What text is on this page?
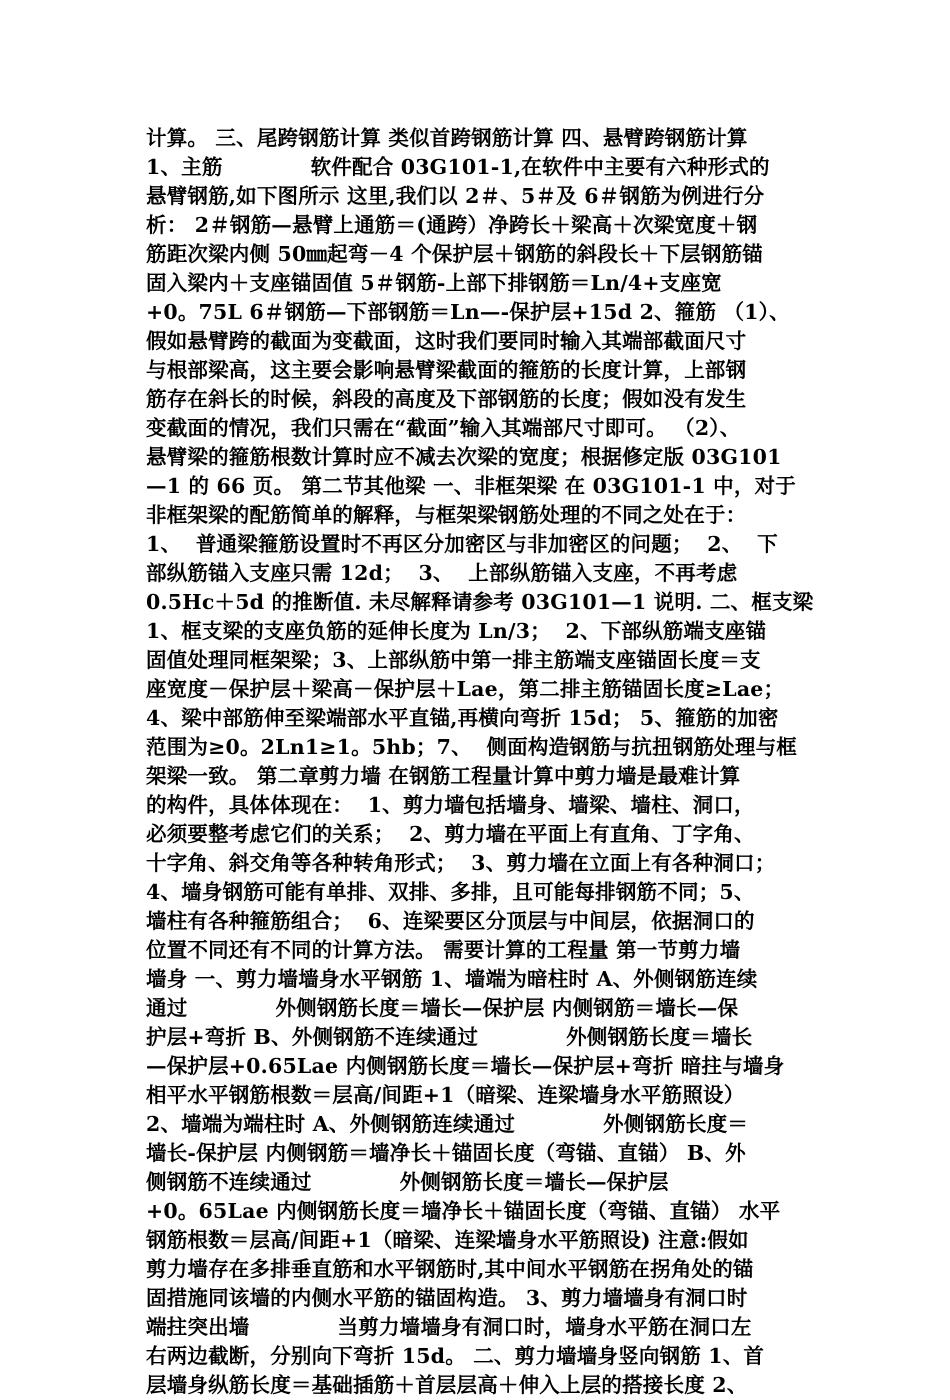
计算。 三、尾跨钢筋计算 类似首跨钢筋计算 四、悬臂跨钢筋计算
1、主筋            软件配合 03G101-1,在软件中主要有六种形式的
悬臂钢筋,如下图所示 这里,我们以 2＃、5＃及 6＃钢筋为例进行分
析： 2＃钢筋—悬臂上通筋＝(通跨）净跨长＋梁高＋次梁宽度＋钢
筋距次梁内侧 50㎜起弯－4 个保护层＋钢筋的斜段长＋下层钢筋锚
固入梁内＋支座锚固值 5＃钢筋-上部下排钢筋＝Ln/4+支座宽
+0。75L 6＃钢筋—下部钢筋＝Ln—-保护层+15d 2、箍筋 （1）、
假如悬臂跨的截面为变截面，这时我们要同时输入其端部截面尺寸
与根部梁高，这主要会影响悬臂梁截面的箍筋的长度计算，上部钢
筋存在斜长的时候，斜段的高度及下部钢筋的长度；假如没有发生
变截面的情况，我们只需在“截面”输入其端部尺寸即可。 （2）、
悬臂梁的箍筋根数计算时应不减去次梁的宽度；根据修定版 03G101
—1 的 66 页。 第二节其他梁 一、非框架梁 在 03G101-1 中，对于
非框架梁的配筋简单的解释，与框架梁钢筋处理的不同之处在于：
1、  普通梁箍筋设置时不再区分加密区与非加密区的问题；  2、  下
部纵筋锚入支座只需 12d；  3、  上部纵筋锚入支座，不再考虑
0.5Hc＋5d 的推断值. 未尽解释请参考 03G101—1 说明. 二、框支梁
1、框支梁的支座负筋的延伸长度为 Ln/3；  2、下部纵筋端支座锚
固值处理同框架梁；3、上部纵筋中第一排主筋端支座锚固长度＝支
座宽度－保护层＋梁高－保护层＋Lae，第二排主筋锚固长度≥Lae；
4、梁中部筋伸至梁端部水平直锚,再横向弯折 15d； 5、箍筋的加密
范围为≥0。2Ln1≥1。5hb；7、  侧面构造钢筋与抗扭钢筋处理与框
架梁一致。 第二章剪力墙 在钢筋工程量计算中剪力墙是最难计算
的构件，具体体现在：  1、剪力墙包括墙身、墙梁、墙柱、洞口，
必须要整考虑它们的关系；  2、剪力墙在平面上有直角、丁字角、
十字角、斜交角等各种转角形式；  3、剪力墙在立面上有各种洞口；
4、墙身钢筋可能有单排、双排、多排，且可能每排钢筋不同；5、
墙柱有各种箍筋组合；  6、连梁要区分顶层与中间层，依据洞口的
位置不同还有不同的计算方法。 需要计算的工程量 第一节剪力墙
墙身 一、剪力墙墙身水平钢筋 1、墙端为暗柱时 A、外侧钢筋连续
通过            外侧钢筋长度＝墙长—保护层 内侧钢筋＝墙长—保
护层+弯折 B、外侧钢筋不连续通过            外侧钢筋长度＝墙长
—保护层+0.65Lae 内侧钢筋长度＝墙长—保护层+弯折 暗拄与墙身
相平水平钢筋根数＝层高/间距+1（暗梁、连梁墙身水平筋照设）
2、墙端为端柱时 A、外侧钢筋连续通过            外侧钢筋长度＝
墙长-保护层 内侧钢筋＝墙净长＋锚固长度（弯锚、直锚） B、外
侧钢筋不连续通过            外侧钢筋长度＝墙长—保护层
+0。65Lae 内侧钢筋长度＝墙净长＋锚固长度（弯锚、直锚） 水平
钢筋根数＝层高/间距+1（暗梁、连梁墙身水平筋照设) 注意:假如
剪力墙存在多排垂直筋和水平钢筋时,其中间水平钢筋在拐角处的锚
固措施同该墙的内侧水平筋的锚固构造。 3、剪力墙墙身有洞口时
端拄突出墙            当剪力墙墙身有洞口时，墙身水平筋在洞口左
右两边截断，分别向下弯折 15d。 二、剪力墙墙身竖向钢筋 1、首
层墙身纵筋长度＝基础插筋＋首层层高＋伸入上层的搭接长度 2、
